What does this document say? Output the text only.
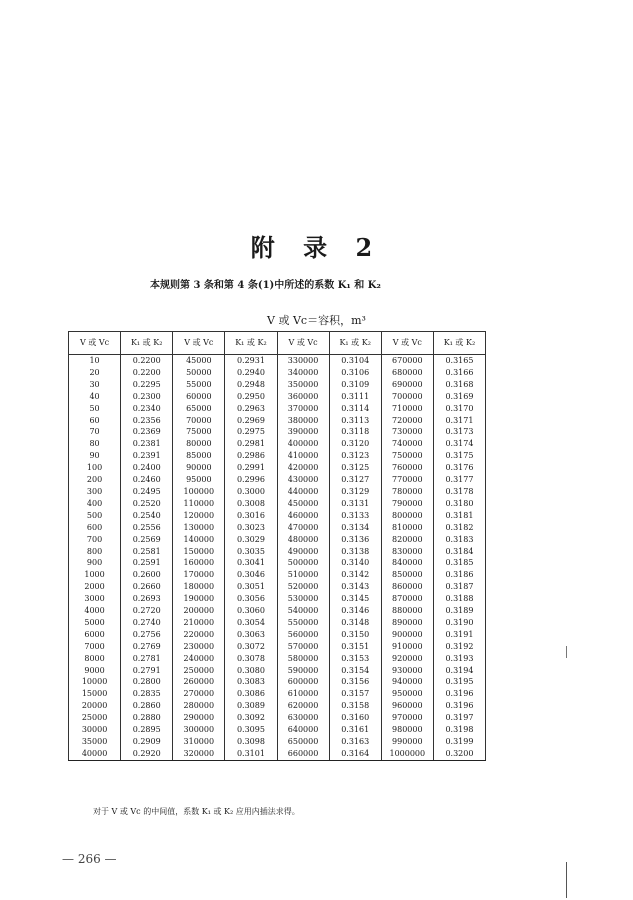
附 录 2
本规则第 3 条和第 4 条(1)中所述的系数 K₁ 和 K₂
V 或 Vc＝容积，m³
V 或 Vc	K₁ 或 K₂	V 或 Vc	K₁ 或 K₂	V 或 Vc	K₁ 或 K₂	V 或 Vc	K₁ 或 K₂
10	0.2200	45000	0.2931	330000	0.3104	670000	0.3165
20	0.2200	50000	0.2940	340000	0.3106	680000	0.3166
30	0.2295	55000	0.2948	350000	0.3109	690000	0.3168
40	0.2300	60000	0.2950	360000	0.3111	700000	0.3169
50	0.2340	65000	0.2963	370000	0.3114	710000	0.3170
60	0.2356	70000	0.2969	380000	0.3113	720000	0.3171
70	0.2369	75000	0.2975	390000	0.3118	730000	0.3173
80	0.2381	80000	0.2981	400000	0.3120	740000	0.3174
90	0.2391	85000	0.2986	410000	0.3123	750000	0.3175
100	0.2400	90000	0.2991	420000	0.3125	760000	0.3176
200	0.2460	95000	0.2996	430000	0.3127	770000	0.3177
300	0.2495	100000	0.3000	440000	0.3129	780000	0.3178
400	0.2520	110000	0.3008	450000	0.3131	790000	0.3180
500	0.2540	120000	0.3016	460000	0.3133	800000	0.3181
600	0.2556	130000	0.3023	470000	0.3134	810000	0.3182
700	0.2569	140000	0.3029	480000	0.3136	820000	0.3183
800	0.2581	150000	0.3035	490000	0.3138	830000	0.3184
900	0.2591	160000	0.3041	500000	0.3140	840000	0.3185
1000	0.2600	170000	0.3046	510000	0.3142	850000	0.3186
2000	0.2660	180000	0.3051	520000	0.3143	860000	0.3187
3000	0.2693	190000	0.3056	530000	0.3145	870000	0.3188
4000	0.2720	200000	0.3060	540000	0.3146	880000	0.3189
5000	0.2740	210000	0.3054	550000	0.3148	890000	0.3190
6000	0.2756	220000	0.3063	560000	0.3150	900000	0.3191
7000	0.2769	230000	0.3072	570000	0.3151	910000	0.3192
8000	0.2781	240000	0.3078	580000	0.3153	920000	0.3193
9000	0.2791	250000	0.3080	590000	0.3154	930000	0.3194
10000	0.2800	260000	0.3083	600000	0.3156	940000	0.3195
15000	0.2835	270000	0.3086	610000	0.3157	950000	0.3196
20000	0.2860	280000	0.3089	620000	0.3158	960000	0.3196
25000	0.2880	290000	0.3092	630000	0.3160	970000	0.3197
30000	0.2895	300000	0.3095	640000	0.3161	980000	0.3198
35000	0.2909	310000	0.3098	650000	0.3163	990000	0.3199
40000	0.2920	320000	0.3101	660000	0.3164	1000000	0.3200
对于 V 或 Vc 的中间值，系数 K₁ 或 K₂ 应用内插法求得。
— 266 —
